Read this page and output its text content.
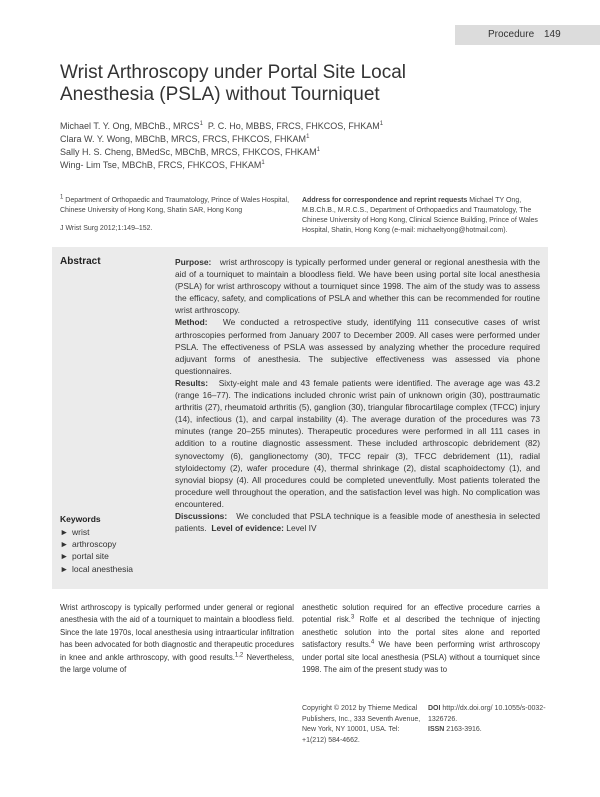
Procedure 149
Wrist Arthroscopy under Portal Site Local
Anesthesia (PSLA) without Tourniquet
Michael T. Y. Ong, MBChB., MRCS$^1$  P. C. Ho, MBBS, FRCS, FHKCOS, FHKAM$^1$
Clara W. Y. Wong, MBChB, MRCS, FRCS, FHKCOS, FHKAM$^1$
Sally H. S. Cheng, BMedSc, MBChB, MRCS, FHKCOS, FHKAM$^1$
Wing- Lim Tse, MBChB, FRCS, FHKCOS, FHKAM$^1$
$^1$ Department of Orthopaedic and Traumatology, Prince of Wales Hospital, Chinese University of Hong Kong, Shatin SAR, Hong Kong
J Wrist Surg 2012;1:149–152.
Address for correspondence and reprint requests Michael TY Ong, M.B.Ch.B., M.R.C.S., Department of Orthopaedics and Traumatology, The Chinese University of Hong Kong, Clinical Science Building, Prince of Wales Hospital, Shatin, Hong Kong (e-mail: michaeltyong@hotmail.com).
Abstract	Purpose: wrist arthroscopy is typically performed under general or regional anesthesia with the aid of a tourniquet to maintain a bloodless field. We have been using portal site local anesthesia (PSLA) for wrist arthroscopy without a tourniquet since 1998. The aim of the study was to assess the efficacy, safety, and complications of PSLA and whether this can be recommended for routine wrist arthroscopy.

Method: We conducted a retrospective study, identifying 111 consecutive cases of wrist arthroscopies performed from January 2007 to December 2009. All cases were performed under PSLA. The effectiveness of PSLA was assessed by analyzing whether the procedure required adjuvant forms of anesthesia. The subjective effectiveness was assessed via phone questionnaires.

Results: Sixty-eight male and 43 female patients were identified. The average age was 43.2 (range 16–77). The indications included chronic wrist pain of unknown origin (30), posttraumatic arthritis (27), rheumatoid arthritis (5), ganglion (30), triangular fibrocartilage complex (TFCC) injury (14), infectious (1), and carpal instability (4). The average duration of the procedures was 73 minutes (range 20–255 minutes). Therapeutic procedures were performed in all 111 cases in addition to a routine diagnostic assessment. These included arthroscopic debridement (82) synovectomy (6), ganglionectomy (30), TFCC repair (3), TFCC debridement (11), radial styloidectomy (2), wafer procedure (4), thermal shrinkage (2), distal scaphoidectomy (1), and synovial biopsy (4). All procedures could be completed uneventfully. Most patients tolerated the procedure well throughout the operation, and the satisfaction level was high. No complication was encountered.

Discussions: We concluded that PSLA technique is a feasible mode of anesthesia in selected patients. Level of evidence: Level IV

Keywords
► wrist
► arthroscopy
► portal site
► local anesthesia

Wrist arthroscopy is typically performed under general or regional anesthesia with the aid of a tourniquet to maintain a bloodless field. Since the late 1970s, local anesthesia using intraarticular infiltration has been advocated for both diagnostic and therapeutic procedures in knee and ankle arthroscopy, with good results.$^{1,2}$ Nevertheless, the large volume of

anesthetic solution required for an effective procedure carries a potential risk.$^3$ Rolfe et al described the technique of injecting anesthetic solution into the portal sites alone and reported satisfactory results.$^4$ We have been performing wrist arthroscopy under portal site local anesthesia (PSLA) without a tourniquet since 1998. The aim of the present study was to

Copyright © 2012 by Thieme Medical Publishers, Inc., 333 Seventh Avenue, New York, NY 10001, USA. Tel: +1(212) 584-4662.
DOI http://dx.doi.org/ 10.1055/s-0032-1326726.
ISSN 2163-3916.
